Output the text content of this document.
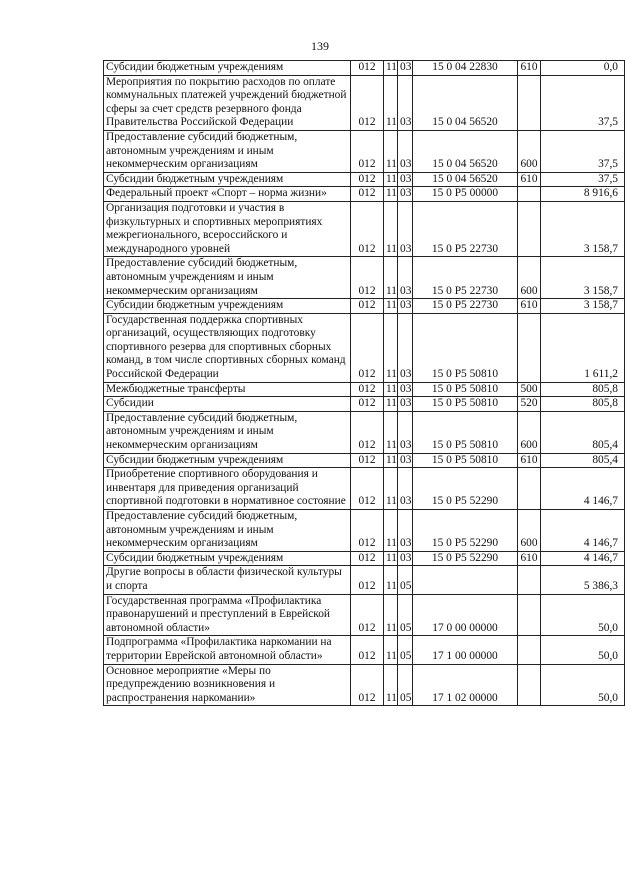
139
Субсидии бюджетным учреждениям	012	11	03	15 0 04 22830	610	0,0
Мероприятия по покрытию расходов по оплате коммунальных платежей учреждений бюджетной сферы за счет средств резервного фонда Правительства Российской Федерации	012	11	03	15 0 04 56520		37,5
Предоставление субсидий бюджетным, автономным учреждениям и иным некоммерческим организациям	012	11	03	15 0 04 56520	600	37,5
Субсидии бюджетным учреждениям	012	11	03	15 0 04 56520	610	37,5
Федеральный проект «Спорт – норма жизни»	012	11	03	15 0 P5 00000		8 916,6
Организация подготовки и участия в физкультурных и спортивных мероприятиях межрегионального, всероссийского и международного уровней	012	11	03	15 0 P5 22730		3 158,7
Предоставление субсидий бюджетным, автономным учреждениям и иным некоммерческим организациям	012	11	03	15 0 P5 22730	600	3 158,7
Субсидии бюджетным учреждениям	012	11	03	15 0 P5 22730	610	3 158,7
Государственная поддержка спортивных организаций, осуществляющих подготовку спортивного резерва для спортивных сборных команд, в том числе спортивных сборных команд Российской Федерации	012	11	03	15 0 P5 50810		1 611,2
Межбюджетные трансферты	012	11	03	15 0 P5 50810	500	805,8
Субсидии	012	11	03	15 0 P5 50810	520	805,8
Предоставление субсидий бюджетным, автономным учреждениям и иным некоммерческим организациям	012	11	03	15 0 P5 50810	600	805,4
Субсидии бюджетным учреждениям	012	11	03	15 0 P5 50810	610	805,4
Приобретение спортивного оборудования и инвентаря для приведения организаций спортивной подготовки в нормативное состояние	012	11	03	15 0 P5 52290		4 146,7
Предоставление субсидий бюджетным, автономным учреждениям и иным некоммерческим организациям	012	11	03	15 0 P5 52290	600	4 146,7
Субсидии бюджетным учреждениям	012	11	03	15 0 P5 52290	610	4 146,7
Другие вопросы в области физической культуры и спорта	012	11	05			5 386,3
Государственная программа «Профилактика правонарушений и преступлений в Еврейской автономной области»	012	11	05	17 0 00 00000		50,0
Подпрограмма «Профилактика наркомании на территории Еврейской автономной области»	012	11	05	17 1 00 00000		50,0
Основное мероприятие «Меры по предупреждению возникновения и распространения наркомании»	012	11	05	17 1 02 00000		50,0
